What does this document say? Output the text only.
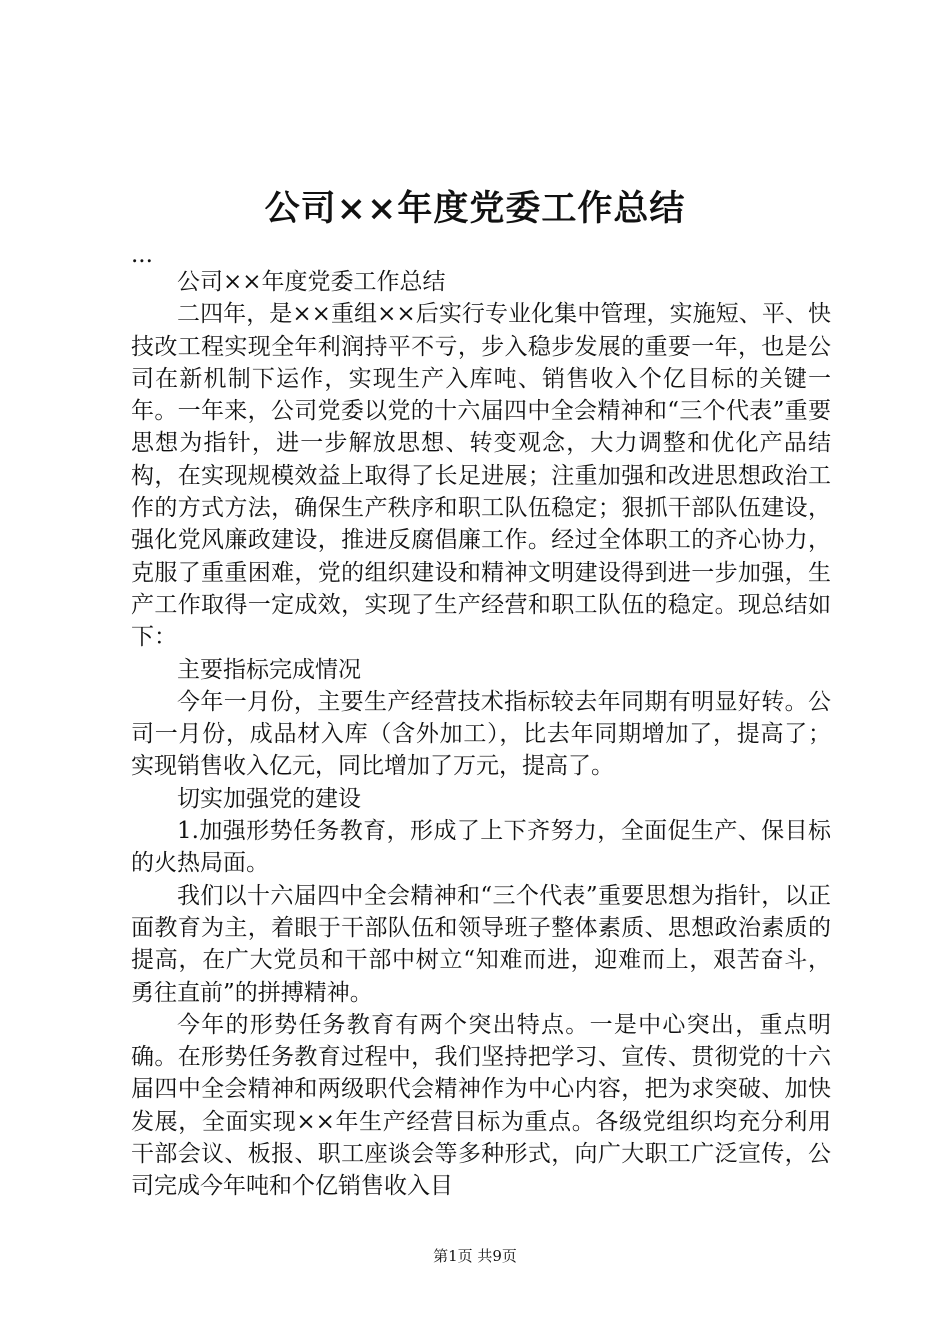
公司××年度党委工作总结

...

公司××年度党委工作总结

二四年，是××重组××后实行专业化集中管理，实施短、平、快技改工程实现全年利润持平不亏，步入稳步发展的重要一年，也是公司在新机制下运作，实现生产入库吨、销售收入个亿目标的关键一年。一年来，公司党委以党的十六届四中全会精神和“三个代表”重要思想为指针，进一步解放思想、转变观念，大力调整和优化产品结构，在实现规模效益上取得了长足进展；注重加强和改进思想政治工作的方式方法，确保生产秩序和职工队伍稳定；狠抓干部队伍建设，强化党风廉政建设，推进反腐倡廉工作。经过全体职工的齐心协力，克服了重重困难，党的组织建设和精神文明建设得到进一步加强，生产工作取得一定成效，实现了生产经营和职工队伍的稳定。现总结如下：

主要指标完成情况

今年一月份，主要生产经营技术指标较去年同期有明显好转。公司一月份，成品材入库（含外加工），比去年同期增加了，提高了；实现销售收入亿元，同比增加了万元，提高了。

切实加强党的建设

1.加强形势任务教育，形成了上下齐努力，全面促生产、保目标的火热局面。

我们以十六届四中全会精神和“三个代表”重要思想为指针，以正面教育为主，着眼于干部队伍和领导班子整体素质、思想政治素质的提高，在广大党员和干部中树立“知难而进，迎难而上，艰苦奋斗，勇往直前”的拼搏精神。

今年的形势任务教育有两个突出特点。一是中心突出，重点明确。在形势任务教育过程中，我们坚持把学习、宣传、贯彻党的十六届四中全会精神和两级职代会精神作为中心内容，把为求突破、加快发展，全面实现××年生产经营目标为重点。各级党组织均充分利用干部会议、板报、职工座谈会等多种形式，向广大职工广泛宣传，公司完成今年吨和个亿销售收入目

第1页 共9页
